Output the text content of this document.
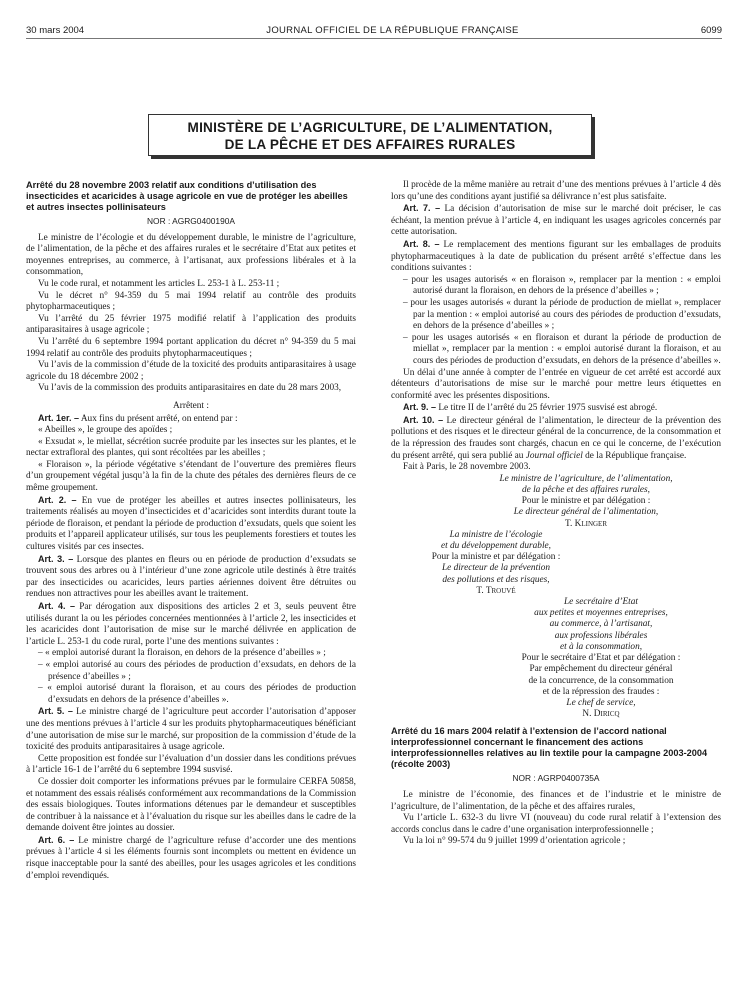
30 mars 2004	JOURNAL OFFICIEL DE LA RÉPUBLIQUE FRANÇAISE	6099
MINISTÈRE DE L’AGRICULTURE, DE L’ALIMENTATION,
DE LA PÊCHE ET DES AFFAIRES RURALES
Arrêté du 28 novembre 2003 relatif aux conditions d’utilisation des insecticides et acaricides à usage agricole en vue de protéger les abeilles et autres insectes pollinisateurs
NOR : AGRG0400190A

Le ministre de l’écologie et du développement durable, le ministre de l’agriculture, de l’alimentation, de la pêche et des affaires rurales et le secrétaire d’Etat aux petites et moyennes entreprises, au commerce, à l’artisanat, aux professions libérales et à la consommation,

Vu le code rural, et notamment les articles L. 253-1 à L. 253-11 ;

Vu le décret n° 94-359 du 5 mai 1994 relatif au contrôle des produits phytopharmaceutiques ;

Vu l’arrêté du 25 février 1975 modifié relatif à l’application des produits antiparasitaires à usage agricole ;

Vu l’arrêté du 6 septembre 1994 portant application du décret n° 94-359 du 5 mai 1994 relatif au contrôle des produits phytopharmaceutiques ;

Vu l’avis de la commission d’étude de la toxicité des produits antiparasitaires à usage agricole du 18 décembre 2002 ;

Vu l’avis de la commission des produits antiparasitaires en date du 28 mars 2003,

Arrêtent :

Art. 1er. – Aux fins du présent arrêté, on entend par :

« Abeilles », le groupe des apoïdes ;

« Exsudat », le miellat, sécrétion sucrée produite par les insectes sur les plantes, et le nectar extrafloral des plantes, qui sont récoltées par les abeilles ;

« Floraison », la période végétative s’étendant de l’ouverture des premières fleurs d’un groupement végétal jusqu’à la fin de la chute des pétales des dernières fleurs de ce même groupement.

Art. 2. – En vue de protéger les abeilles et autres insectes pollinisateurs, les traitements réalisés au moyen d’insecticides et d’acaricides sont interdits durant toute la période de floraison, et pendant la période de production d’exsudats, quels que soient les produits et l’appareil applicateur utilisés, sur tous les peuplements forestiers et toutes les cultures visités par ces insectes.

Art. 3. – Lorsque des plantes en fleurs ou en période de production d’exsudats se trouvent sous des arbres ou à l’intérieur d’une zone agricole utile destinés à être traités par des insecticides ou acaricides, leurs parties aériennes doivent être détruites ou rendues non attractives pour les abeilles avant le traitement.

Art. 4. – Par dérogation aux dispositions des articles 2 et 3, seuls peuvent être utilisés durant la ou les périodes concernées mentionnées à l’article 2, les insecticides et les acaricides dont l’autorisation de mise sur le marché délivrée en application de l’article L. 253-1 du code rural, porte l’une des mentions suivantes :

– « emploi autorisé durant la floraison, en dehors de la présence d’abeilles » ;

– « emploi autorisé au cours des périodes de production d’exsudats, en dehors de la présence d’abeilles » ;

– « emploi autorisé durant la floraison, et au cours des périodes de production d’exsudats en dehors de la présence d’abeilles ».

Art. 5. – Le ministre chargé de l’agriculture peut accorder l’autorisation d’apposer une des mentions prévues à l’article 4 sur les produits phytopharmaceutiques bénéficiant d’une autorisation de mise sur le marché, sur proposition de la commission d’étude de la toxicité des produits antiparasitaires à usage agricole.

Cette proposition est fondée sur l’évaluation d’un dossier dans les conditions prévues à l’article 16-1 de l’arrêté du 6 septembre 1994 susvisé.

Ce dossier doit comporter les informations prévues par le formulaire CERFA 50858, et notamment des essais réalisés conformément aux recommandations de la Commission des essais biologiques. Toutes informations détenues par le demandeur et susceptibles de contribuer à la naissance et à l’évaluation du risque sur les abeilles dans le cadre de la demande doivent être jointes au dossier.

Art. 6. – Le ministre chargé de l’agriculture refuse d’accorder une des mentions prévues à l’article 4 si les éléments fournis sont incomplets ou mettent en évidence un risque inacceptable pour la santé des abeilles, pour les usages agricoles et les conditions d’emploi revendiqués.

Il procède de la même manière au retrait d’une des mentions prévues à l’article 4 dès lors qu’une des conditions ayant justifié sa délivrance n’est plus satisfaite.

Art. 7. – La décision d’autorisation de mise sur le marché doit préciser, le cas échéant, la mention prévue à l’article 4, en indiquant les usages agricoles concernés par cette autorisation.

Art. 8. – Le remplacement des mentions figurant sur les emballages de produits phytopharmaceutiques à la date de publication du présent arrêté s’effectue dans les conditions suivantes :

– pour les usages autorisés « en floraison », remplacer par la mention : « emploi autorisé durant la floraison, en dehors de la présence d’abeilles » ;

– pour les usages autorisés « durant la période de production de miellat », remplacer par la mention : « emploi autorisé au cours des périodes de production d’exsudats, en dehors de la présence d’abeilles » ;

– pour les usages autorisés « en floraison et durant la période de production de miellat », remplacer par la mention : « emploi autorisé durant la floraison, et au cours des périodes de production d’exsudats, en dehors de la présence d’abeilles ».

Un délai d’une année à compter de l’entrée en vigueur de cet arrêté est accordé aux détenteurs d’autorisations de mise sur le marché pour mettre leurs étiquettes en conformité avec les présentes dispositions.

Art. 9. – Le titre II de l’arrêté du 25 février 1975 susvisé est abrogé.

Art. 10. – Le directeur général de l’alimentation, le directeur de la prévention des pollutions et des risques et le directeur général de la concurrence, de la consommation et de la répression des fraudes sont chargés, chacun en ce qui le concerne, de l’exécution du présent arrêté, qui sera publié au Journal officiel de la République française.

Fait à Paris, le 28 novembre 2003.

Le ministre de l’agriculture, de l’alimentation,
de la pêche et des affaires rurales,
Pour le ministre et par délégation :
Le directeur général de l’alimentation,
T. Klinger
La ministre de l’écologie
et du développement durable,
Pour la ministre et par délégation :
Le directeur de la prévention
des pollutions et des risques,
T. Trouvé
Le secrétaire d’Etat
aux petites et moyennes entreprises,
au commerce, à l’artisanat,
aux professions libérales
et à la consommation,
Pour le secrétaire d’Etat et par délégation :
Par empêchement du directeur général
de la concurrence, de la consommation
et de la répression des fraudes :
Le chef de service,
N. Diricq
Arrêté du 16 mars 2004 relatif à l’extension de l’accord national interprofessionnel concernant le financement des actions interprofessionnelles relatives au lin textile pour la campagne 2003-2004 (récolte 2003)
NOR : AGRP0400735A

Le ministre de l’économie, des finances et de l’industrie et le ministre de l’agriculture, de l’alimentation, de la pêche et des affaires rurales,

Vu l’article L. 632-3 du livre VI (nouveau) du code rural relatif à l’extension des accords conclus dans le cadre d’une organisation interprofessionnelle ;

Vu la loi n° 99-574 du 9 juillet 1999 d’orientation agricole ;
